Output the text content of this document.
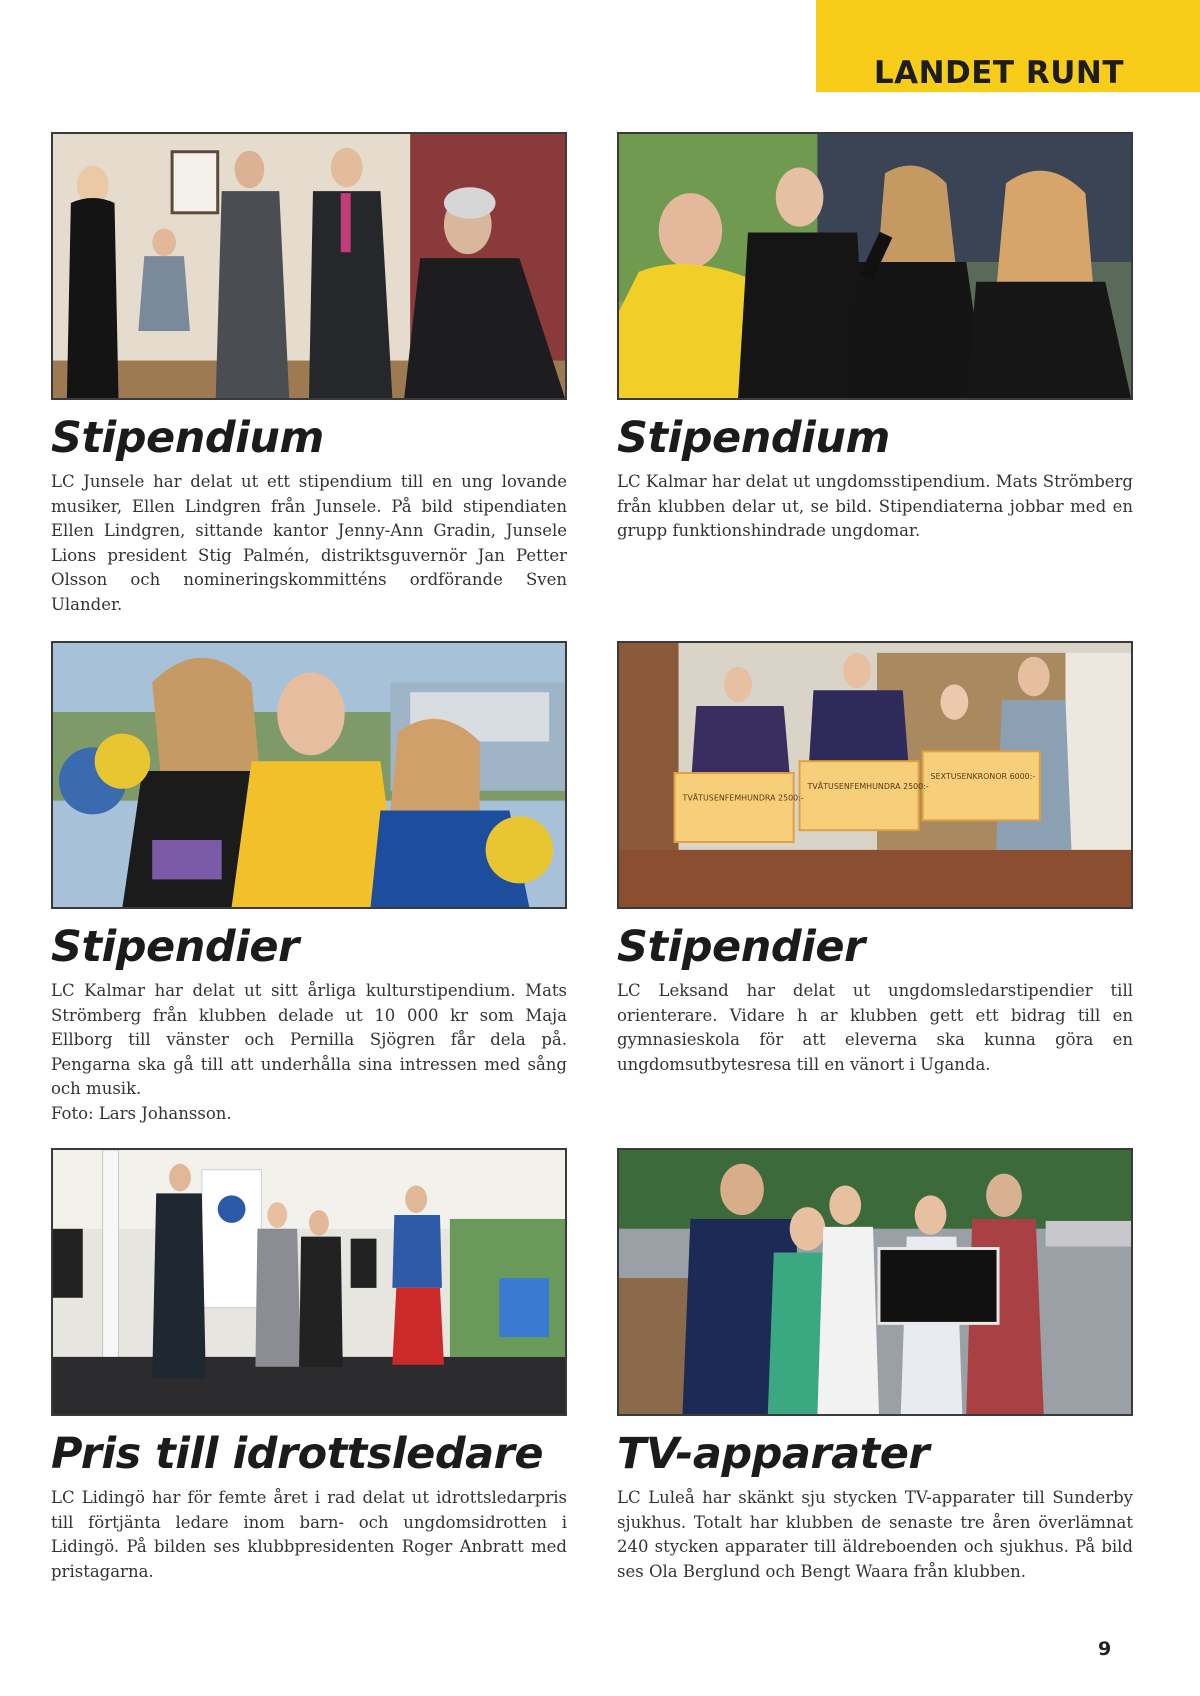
LANDET RUNT
Stipendium

LC Junsele har delat ut ett stipendium till en ung lovande musiker, Ellen Lindgren från Junsele. På bild stipendiaten Ellen Lindgren, sittande kantor Jenny-Ann Gradin, Junsele Lions president Stig Palmén, distriktsguvernör Jan Petter Olsson och nomineringskommitténs ordförande Sven Ulander.

Stipendium

LC Kalmar har delat ut ungdomsstipendium. Mats Strömberg från klubben delar ut, se bild. Stipendiaterna jobbar med en grupp funktionshindrade ungdomar.

Stipendier

LC Kalmar har delat ut sitt årliga kulturstipendium. Mats Strömberg från klubben delade ut 10 000 kr som Maja Ellborg till vänster och Pernilla Sjögren får dela på. Pengarna ska gå till att underhålla sina intressen med sång och musik.

Foto: Lars Johansson.

TVÅTUSENFEMHUNDRA 2500:-
TVÅTUSENFEMHUNDRA 2500:-
SEXTUSENKRONOR 6000:-
Stipendier

LC Leksand har delat ut ungdomsledarstipendier till orienterare. Vidare h ar klubben gett ett bidrag till en gymnasieskola för att eleverna ska kunna göra en ungdomsutbytesresa till en vänort i Uganda.

Pris till idrottsledare

LC Lidingö har för femte året i rad delat ut idrottsledarpris till förtjänta ledare inom barn- och ungdomsidrotten i Lidingö. På bilden ses klubbpresidenten Roger Anbratt med pristagarna.

TV-apparater

LC Luleå har skänkt sju stycken TV-apparater till Sunderby sjukhus. Totalt har klubben de senaste tre åren överlämnat 240 stycken apparater till äldreboenden och sjukhus. På bild ses Ola Berglund och Bengt Waara från klubben.

9
